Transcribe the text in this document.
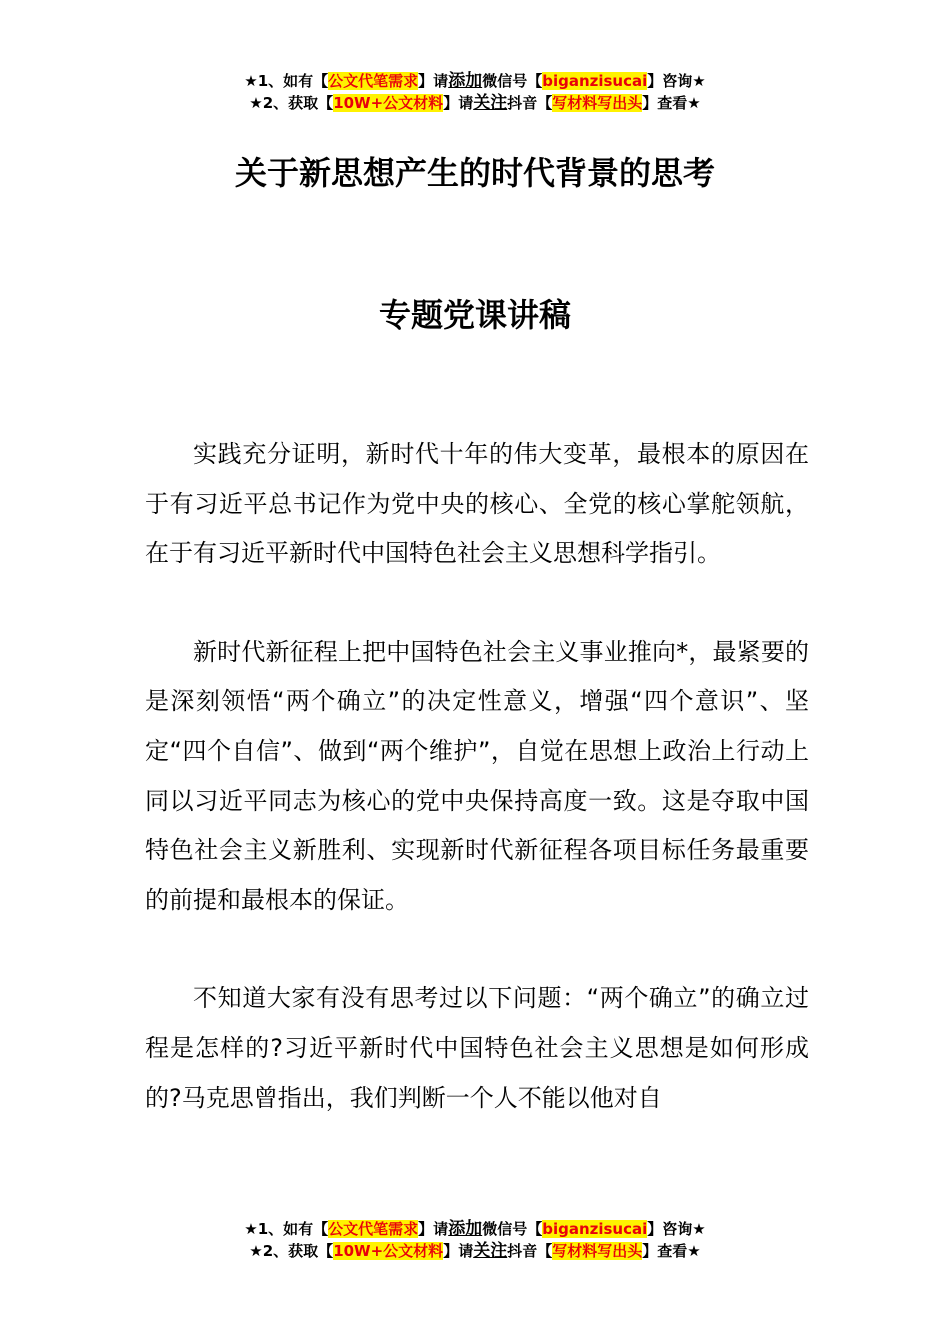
★1、如有【公文代笔需求】请添加微信号【biganzisucai】咨询★
★2、获取【10W+公文材料】请关注抖音【写材料写出头】查看★
关于新思想产生的时代背景的思考
专题党课讲稿

实践充分证明，新时代十年的伟大变革，最根本的原因在于有习近平总书记作为党中央的核心、全党的核心掌舵领航，在于有习近平新时代中国特色社会主义思想科学指引。

新时代新征程上把中国特色社会主义事业推向*，最紧要的是深刻领悟“两个确立”的决定性意义，增强“四个意识”、坚定“四个自信”、做到“两个维护”，自觉在思想上政治上行动上同以习近平同志为核心的党中央保持高度一致。这是夺取中国特色社会主义新胜利、实现新时代新征程各项目标任务最重要的前提和最根本的保证。

不知道大家有没有思考过以下问题：“两个确立”的确立过程是怎样的?习近平新时代中国特色社会主义思想是如何形成的?马克思曾指出，我们判断一个人不能以他对自

★1、如有【公文代笔需求】请添加微信号【biganzisucai】咨询★
★2、获取【10W+公文材料】请关注抖音【写材料写出头】查看★
